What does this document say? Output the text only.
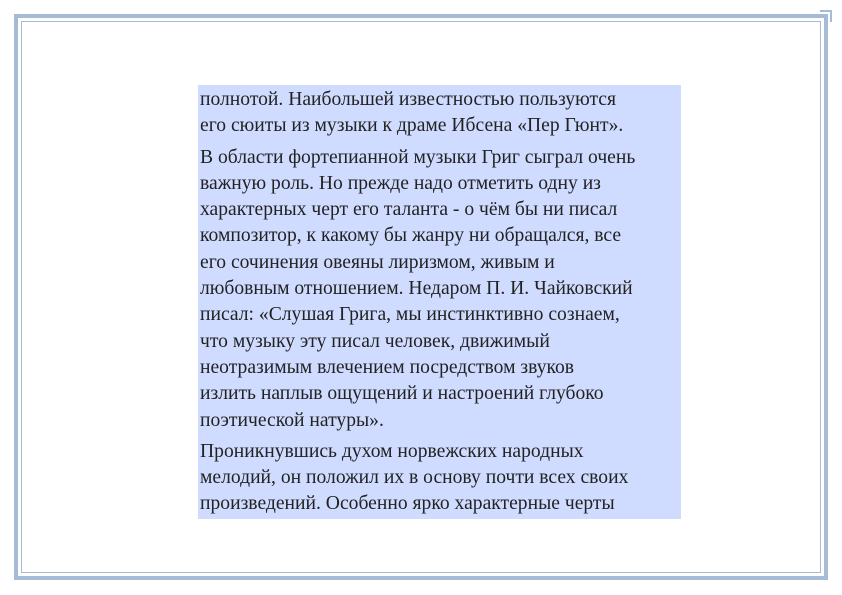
полнотой. Наибольшей известностью пользуются
его сюиты из музыки к драме Ибсена «Пер Гюнт».

В области фортепианной музыки Григ сыграл очень
важную роль. Но прежде надо отметить одну из
характерных черт его таланта - о чём бы ни писал
композитор, к какому бы жанру ни обращался, все
его сочинения овеяны лиризмом, живым и
любовным отношением. Недаром П. И. Чайковский
писал: «Слушая Грига, мы инстинктивно сознаем,
что музыку эту писал человек, движимый
неотразимым влечением посредством звуков
излить наплыв ощущений и настроений глубоко
поэтической натуры».

Проникнувшись духом норвежских народных
мелодий, он положил их в основу почти всех своих
произведений. Особенно ярко характерные черты
